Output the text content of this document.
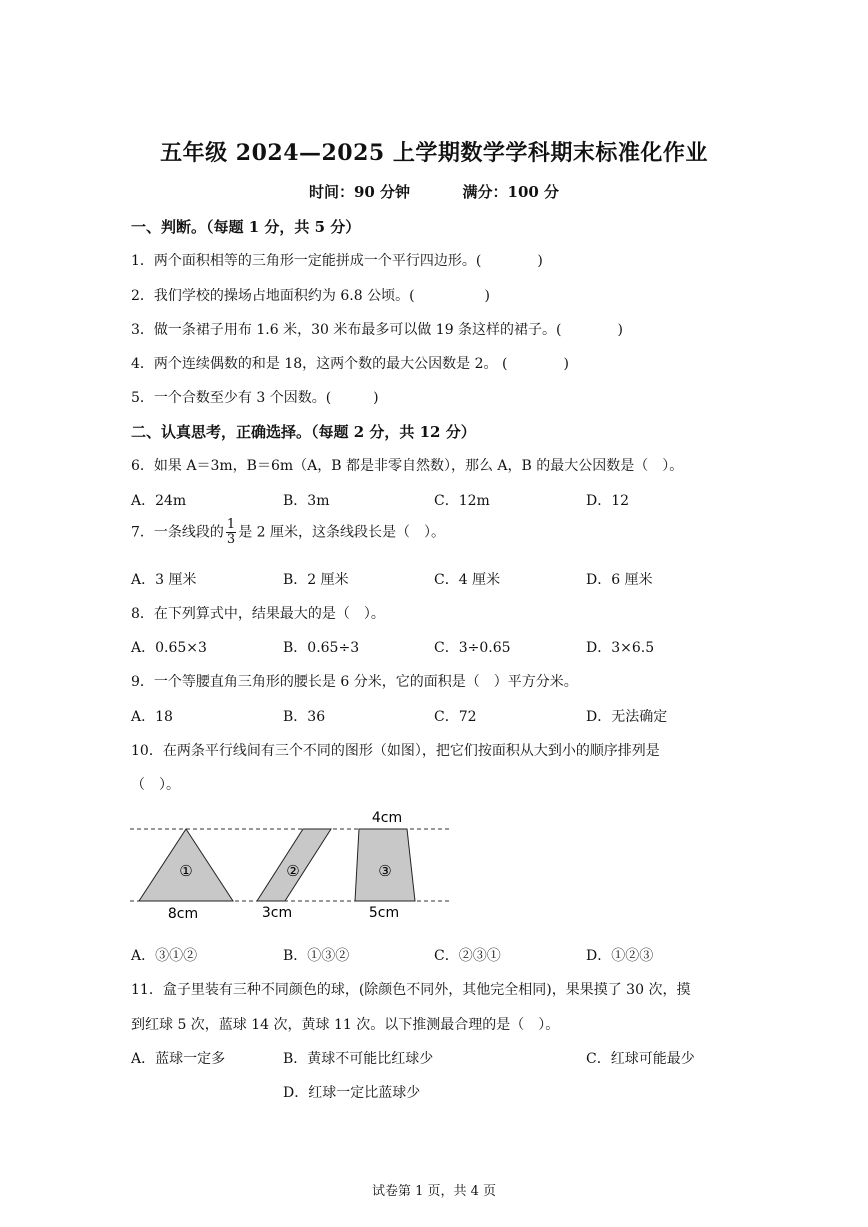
五年级 2024—2025 上学期数学学科期末标准化作业
时间：90 分钟	满分：100 分
一、判断。（每题 1 分，共 5 分）
1．两个面积相等的三角形一定能拼成一个平行四边形。(　　　　)
2．我们学校的操场占地面积约为 6.8 公顷。(　　　　　)
3．做一条裙子用布 1.6 米，30 米布最多可以做 19 条这样的裙子。(　　　　)
4．两个连续偶数的和是 18，这两个数的最大公因数是 2。 (　　　　)
5．一个合数至少有 3 个因数。(　　　)
二、认真思考，正确选择。（每题 2 分，共 12 分）
6．如果 A＝3m，B＝6m（A，B 都是非零自然数），那么 A，B 的最大公因数是（　）。
A．24m	B．3m	C．12m	D．12
7．一条线段的 $\frac{1}{3}$ 是 2 厘米，这条线段长是（　）。
A．3 厘米	B．2 厘米	C．4 厘米	D．6 厘米
8．在下列算式中，结果最大的是（　）。
A．0.65×3	B．0.65÷3	C．3÷0.65	D．3×6.5
9．一个等腰直角三角形的腰长是 6 分米，它的面积是（　）平方分米。
A．18	B．36	C．72	D．无法确定
10．在两条平行线间有三个不同的图形（如图），把它们按面积从大到小的顺序排列是
（　）。
①	②	③
4cm
8cm	3cm	5cm
A．③①②	B．①③②	C．②③①	D．①②③
11．盒子里装有三种不同颜色的球，(除颜色不同外，其他完全相同)，果果摸了 30 次，摸
到红球 5 次，蓝球 14 次，黄球 11 次。以下推测最合理的是（　）。
A．蓝球一定多	B．黄球不可能比红球少	C．红球可能最少
D．红球一定比蓝球少
试卷第 1 页，共 4 页
